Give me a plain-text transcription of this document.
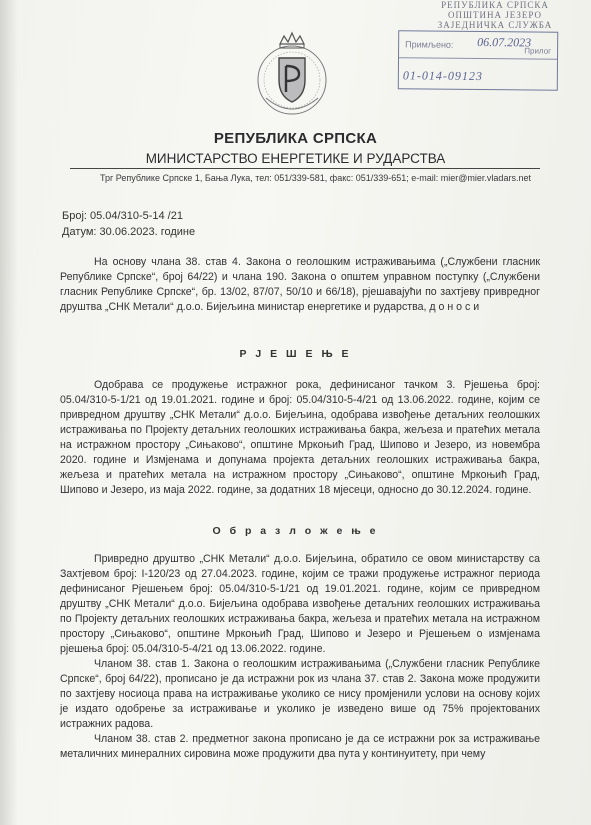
РЕПУБЛИКА СРПСКА
ОПШТИНА ЈЕЗЕРО
ЗАЈЕДНИЧКА СЛУЖБА
Примљено: 06.07.2023
Прилог
01-014-09123
РЕПУБЛИКА СРПСКА
МИНИСТАРСТВО ЕНЕРГЕТИКЕ И РУДАРСТВА
Трг Републике Српске 1, Бања Лука, тел: 051/339-581, факс: 051/339-651; e-mail: mier@mier.vladars.net
Број: 05.04/310-5-14 /21
Датум: 30.06.2023. године

На основу члана 38. став 4. Закона о геолошким истраживањима („Службени гласник Републике Српске“, број 64/22) и члана 190. Закона о општем управном поступку („Службени гласник Републике Српске“, бр. 13/02, 87/07, 50/10 и 66/18), рјешавајући по захтјеву привредног друштва „СНК Метали“ д.о.о. Бијељина министар енергетике и рударства, д о н о с и

Р Ј Е Ш Е Њ Е

Одобрава се продужење истражног рока, дефинисаног тачком 3. Рјешења број: 05.04/310-5-1/21 од 19.01.2021. године и број: 05.04/310-5-4/21 од 13.06.2022. године, којим се привредном друштву „СНК Метали“ д.о.о. Бијељина, одобрава извођење детаљних геолошких истраживања по Пројекту детаљних геолошких истраживања бакра, жељеза и пратећих метала на истражном простору „Сињаково“, општине Мркоњић Град, Шипово и Језеро, из новембра 2020. године и Измјенама и допунама пројекта детаљних геолошких истраживања бакра, жељеза и пратећих метала на истражном простору „Сињаково“, општине Мркоњић Град, Шипово и Језеро, из маја 2022. године, за додатних 18 мјесеци, односно до 30.12.2024. године.

О б р а з л о ж е њ е

Привредно друштво „СНК Метали“ д.о.о. Бијељина, обратило се овом министарству са Захтјевом број: I-120/23 од 27.04.2023. године, којим се тражи продужење истражног периода дефинисаног Рјешењем број: 05.04/310-5-1/21 од 19.01.2021. године, којим се привредном друштву „СНК Метали“ д.о.о. Бијељина одобрава извођење детаљних геолошких истраживања по Пројекту детаљних геолошких истраживања бакра, жељеза и пратећих метала на истражном простору „Сињаково“, општине Мркоњић Град, Шипово и Језеро и Рјешењем о измјенама рјешења број: 05.04/310-5-4/21 од 13.06.2022. године.

Чланом 38. став 1. Закона о геолошким истраживањима („Службени гласник Републике Српске“, број 64/22), прописано је да истражни рок из члана 37. став 2. Закона може продужити по захтјеву носиоца права на истраживање уколико се нису промјенили услови на основу којих је издато одобрење за истраживање и уколико је изведено више од 75% пројектованих истражних радова.

Чланом 38. став 2. предметног закона прописано је да се истражни рок за истраживање металичних минералних сировина може продужити два пута у континуитету, при чему
